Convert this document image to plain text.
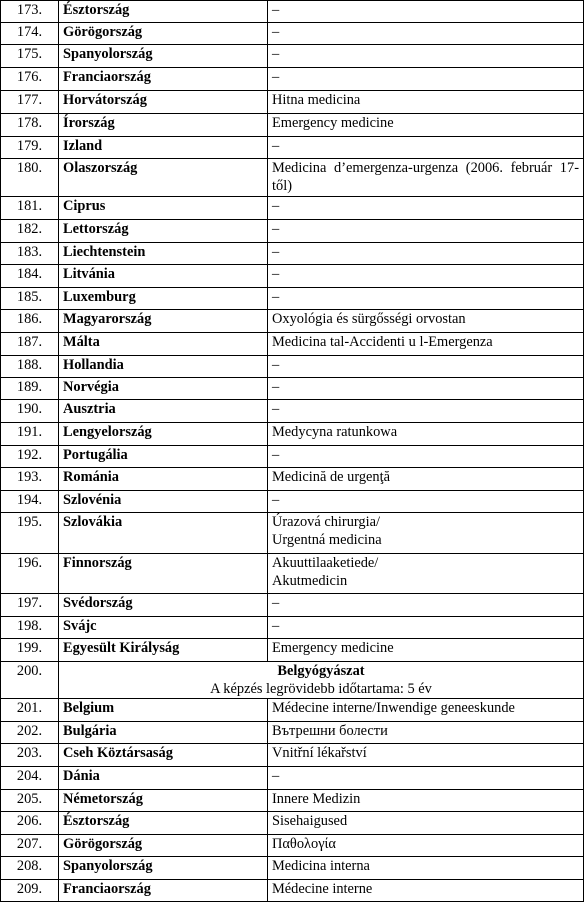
173.	Észtország	–
174.	Görögország	–
175.	Spanyolország	–
176.	Franciaország	–
177.	Horvátország	Hitna medicina
178.	Írország	Emergency medicine
179.	Izland	–
180.	Olaszország	Medicina d’emergenza-urgenza (2006. február 17-től)
181.	Ciprus	–
182.	Lettország	–
183.	Liechtenstein	–
184.	Litvánia	–
185.	Luxemburg	–
186.	Magyarország	Oxyológia és sürgősségi orvostan
187.	Málta	Medicina tal-Accidenti u l-Emergenza
188.	Hollandia	–
189.	Norvégia	–
190.	Ausztria	–
191.	Lengyelország	Medycyna ratunkowa
192.	Portugália	–
193.	Románia	Medicină de urgenţă
194.	Szlovénia	–
195.	Szlovákia	Úrazová chirurgia/
Urgentná medicina
196.	Finnország	Akuuttilaaketiede/
Akutmedicin
197.	Svédország	–
198.	Svájc	–
199.	Egyesült Királyság	Emergency medicine
200.	Belgyógyászat
A képzés legrövidebb időtartama: 5 év	

201.	Belgium	Médecine interne/Inwendige geneeskunde
202.	Bulgária	Вътрешни болести
203.	Cseh Köztársaság	Vnitřní lékařství
204.	Dánia	–
205.	Németország	Innere Medizin
206.	Észtország	Sisehaigused
207.	Görögország	Παθολογία
208.	Spanyolország	Medicina interna
209.	Franciaország	Médecine interne
